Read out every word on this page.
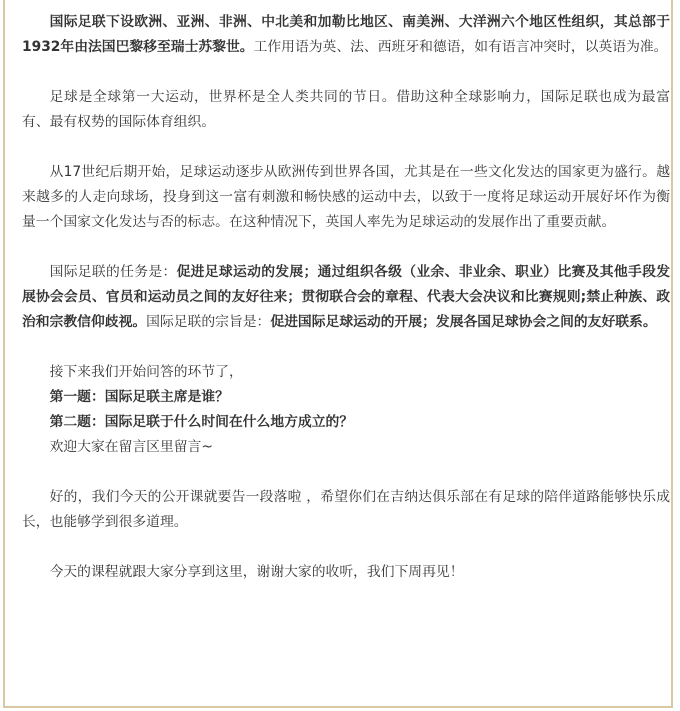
国际足联下设欧洲、亚洲、非洲、中北美和加勒比地区、南美洲、大洋洲六个地区性组织，其总部于1932年由法国巴黎移至瑞士苏黎世。工作用语为英、法、西班牙和德语，如有语言冲突时，以英语为准。

足球是全球第一大运动，世界杯是全人类共同的节日。借助这种全球影响力，国际足联也成为最富有、最有权势的国际体育组织。

从17世纪后期开始，足球运动逐步从欧洲传到世界各国，尤其是在一些文化发达的国家更为盛行。越来越多的人走向球场，投身到这一富有刺激和畅快感的运动中去，以致于一度将足球运动开展好坏作为衡量一个国家文化发达与否的标志。在这种情况下，英国人率先为足球运动的发展作出了重要贡献。

国际足联的任务是：促进足球运动的发展；通过组织各级（业余、非业余、职业）比赛及其他手段发展协会会员、官员和运动员之间的友好往来；贯彻联合会的章程、代表大会决议和比赛规则;禁止种族、政治和宗教信仰歧视。国际足联的宗旨是：促进国际足球运动的开展；发展各国足球协会之间的友好联系。

接下来我们开始问答的环节了，

第一题：国际足联主席是谁？

第二题：国际足联于什么时间在什么地方成立的？

欢迎大家在留言区里留言~

好的，我们今天的公开课就要告一段落啦 ，希望你们在吉纳达俱乐部在有足球的陪伴道路能够快乐成长，也能够学到很多道理。

今天的课程就跟大家分享到这里，谢谢大家的收听，我们下周再见！
